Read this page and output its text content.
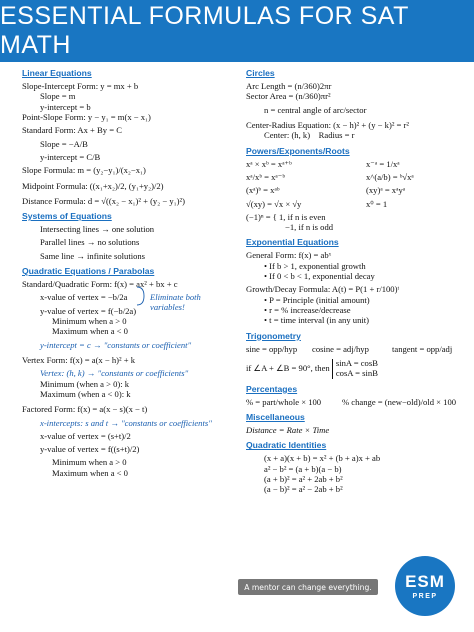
ESSENTIAL FORMULAS FOR SAT MATH
Linear Equations
Slope-Intercept Form: y = mx + b
Slope = m
y-intercept = b
Point-Slope Form: y − y₁ = m(x − x₁)
Standard Form: Ax + By = C
Slope = −A/B
y-intercept = C/B
Slope Formula: m = (y₂−y₁)/(x₂−x₁)
Midpoint Formula: ((x₁+x₂)/2, (y₁+y₂)/2)
Distance Formula: d = √((x₂ − x₁)² + (y₂ − y₁)²)
Systems of Equations
Intersecting lines → one solution
Parallel lines → no solutions
Same line → infinite solutions
Quadratic Equations / Parabolas
Standard/Quadratic Form: f(x) = ax² + bx + c
x-value of vertex = −b/2a
y-value of vertex = f(−b/2a)
Minimum when a > 0
Maximum when a < 0
y-intercept = c → "constants or coefficient"
Vertex Form: f(x) = a(x − h)² + k
Vertex: (h, k) → "constants or coefficients"
Minimum (when a > 0): k
Maximum (when a < 0): k
Factored Form: f(x) = a(x − s)(x − t)
x-intercepts: s and t → "constants or coefficients"
x-value of vertex = (s+t)/2
y-value of vertex = f((s+t)/2)
Minimum when a > 0
Maximum when a < 0
Eliminate both variables!
Circles
Arc Length = (n/360)2πr
Sector Area = (n/360)πr²
n = central angle of arc/sector
Center-Radius Equation: (x − h)² + (y − k)² = r²
Center: (h, k) Radius = r
Powers/Exponents/Roots
xᵃ × xᵇ = xᵃ⁺ᵇ	x⁻ᵃ = 1/xᵃ
xᵃ/xᵇ = xᵃ⁻ᵇ	x^(a/b) = ᵇ√xᵃ
(xᵃ)ᵇ = xᵃᵇ	(xy)ᵃ = xᵃyᵃ
√(xy) = √x × √y	x⁰ = 1
(−1)ⁿ = { 1, if n is even
−1, if n is odd
Exponential Equations
General Form: f(x) = abˣ
• If b > 1, exponential growth
• If 0 < b < 1, exponential decay
Growth/Decay Formula: A(t) = P(1 + r/100)ᵗ
• P = Principle (initial amount)
• r = % increase/decrease
• t = time interval (in any unit)
Trigonometry
sine = opp/hyp cosine = adj/hyp	tangent = opp/adj
if ∠A + ∠B = 90°, then sinA = cosB
cosA = sinB
Percentages
% = part/whole × 100 % change = (new−old)/old × 100
Miscellaneous
Distance = Rate × Time
Quadratic Identities
(x + a)(x + b) = x² + (b + a)x + ab
a² − b² = (a + b)(a − b)
(a + b)² = a² + 2ab + b²
(a − b)² = a² − 2ab + b²
A mentor can change everything.	ESM
PREP
